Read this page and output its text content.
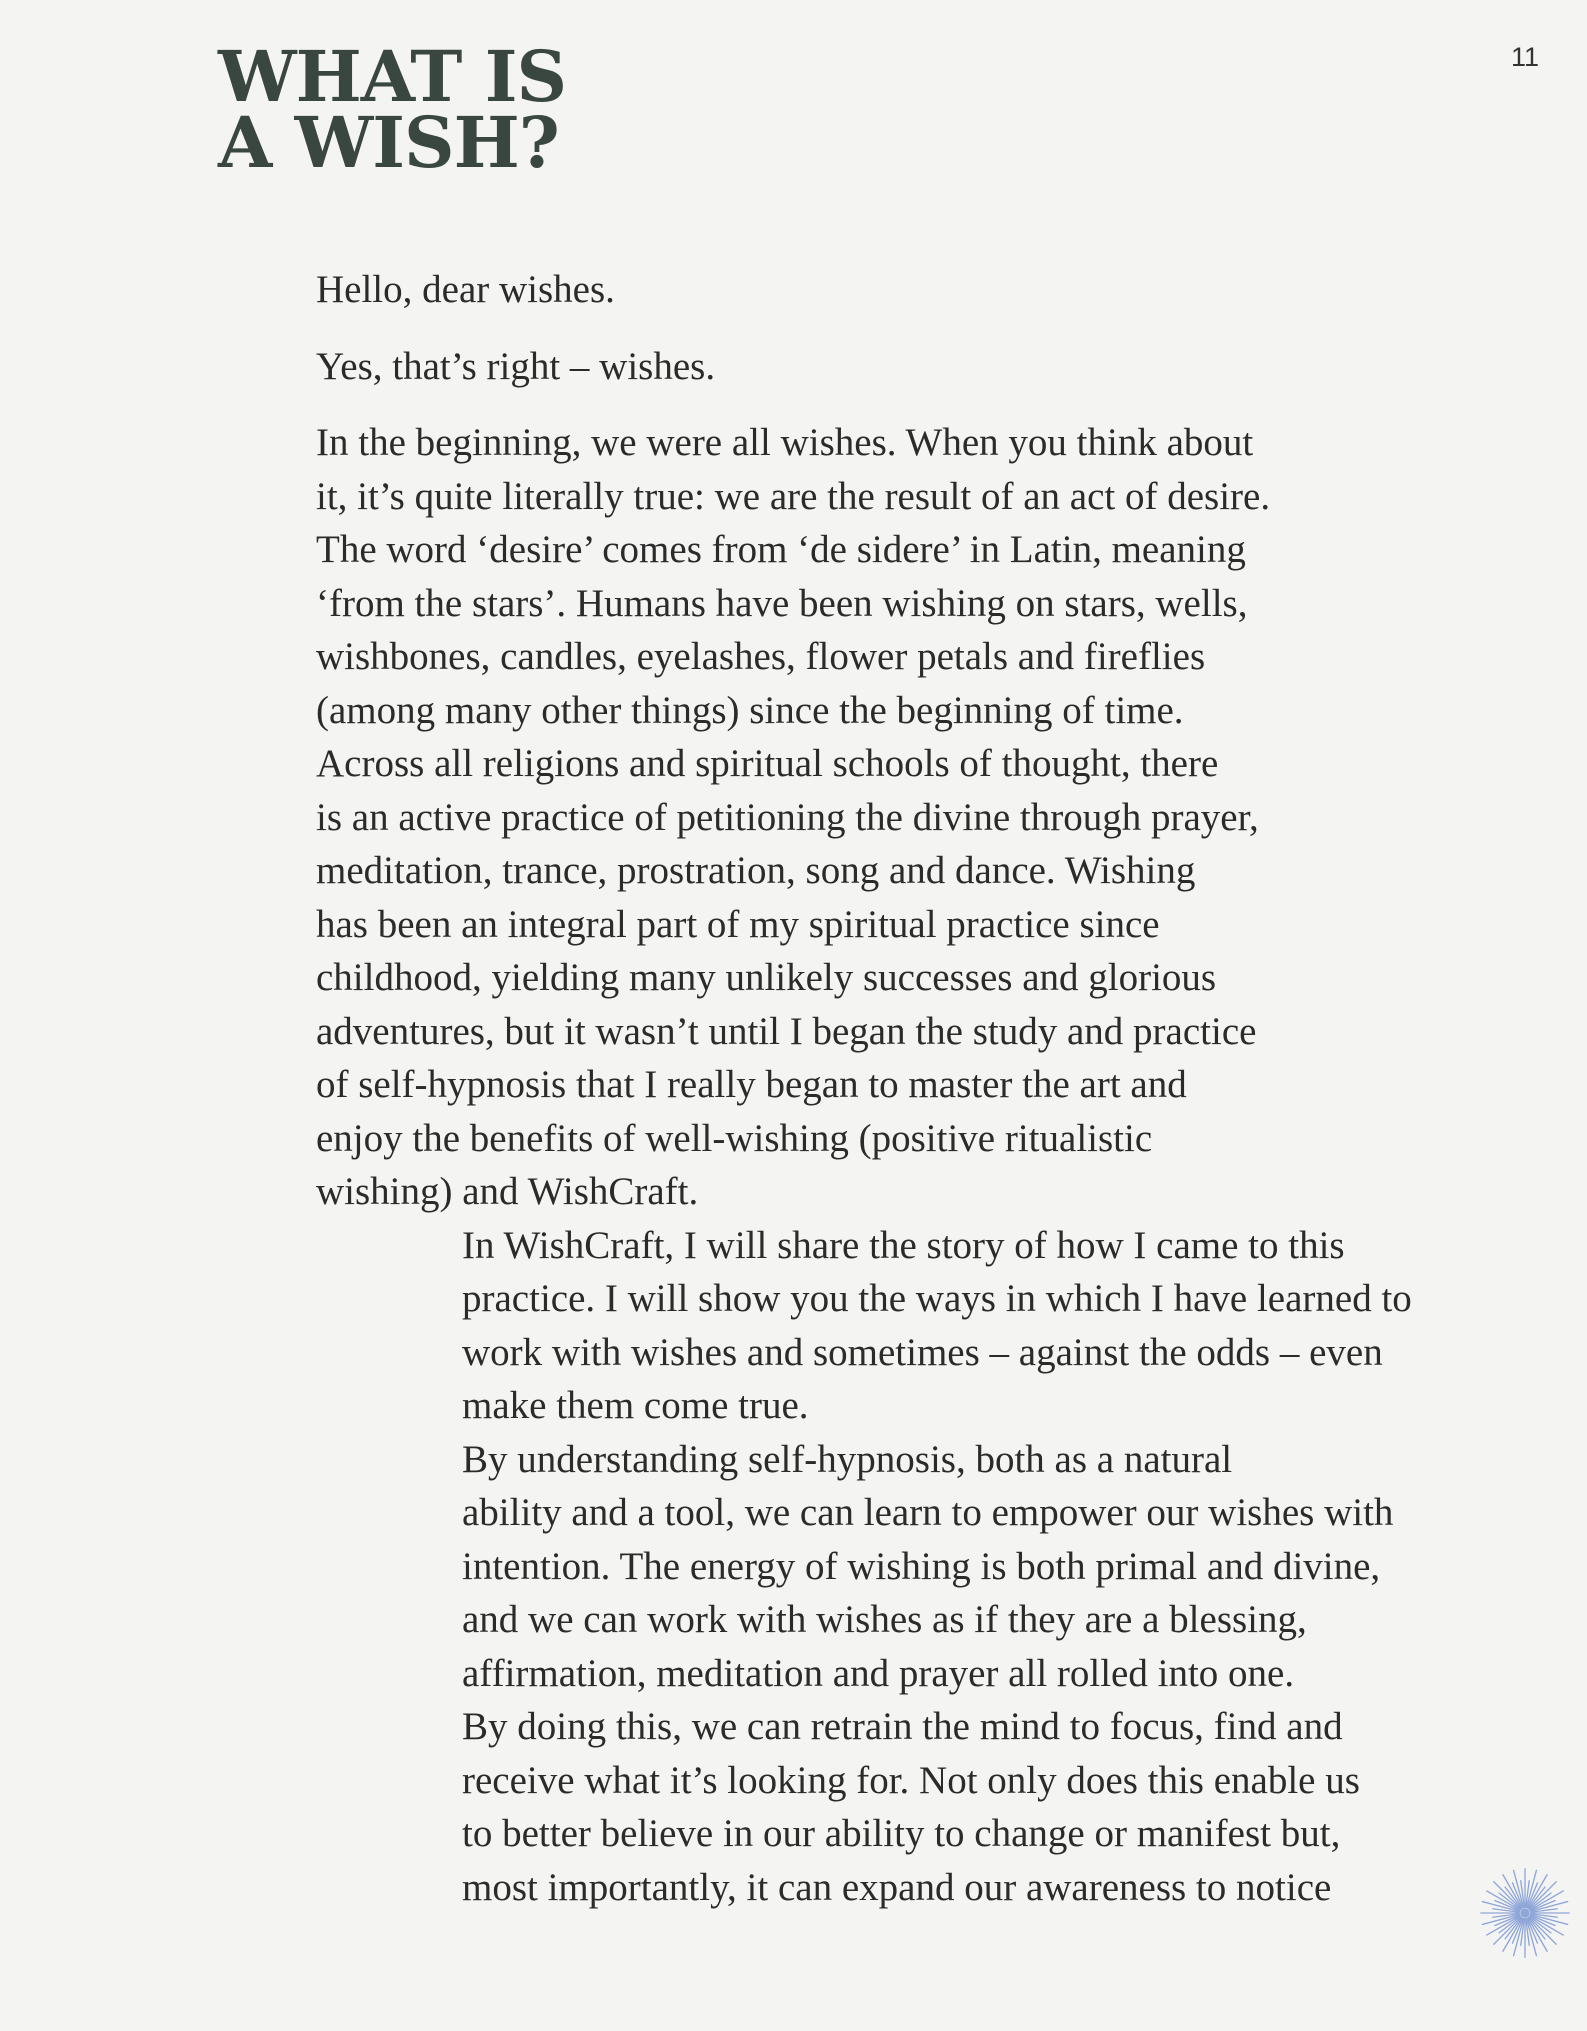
11
WHAT IS
A WISH?

Hello, dear wishes.

Yes, that’s right – wishes.

In the beginning, we were all wishes. When you think about
it, it’s quite literally true: we are the result of an act of desire.
The word ‘desire’ comes from ‘de sidere’ in Latin, meaning
‘from the stars’. Humans have been wishing on stars, wells,
wishbones, candles, eyelashes, flower petals and fireflies
(among many other things) since the beginning of time.
Across all religions and spiritual schools of thought, there
is an active practice of petitioning the divine through prayer,
meditation, trance, prostration, song and dance. Wishing
has been an integral part of my spiritual practice since
childhood, yielding many unlikely successes and glorious
adventures, but it wasn’t until I began the study and practice
of self-hypnosis that I really began to master the art and
enjoy the benefits of well-wishing (positive ritualistic
wishing) and WishCraft.

In WishCraft, I will share the story of how I came to this
practice. I will show you the ways in which I have learned to
work with wishes and sometimes – against the odds – even
make them come true.

By understanding self-hypnosis, both as a natural
ability and a tool, we can learn to empower our wishes with
intention. The energy of wishing is both primal and divine,
and we can work with wishes as if they are a blessing,
affirmation, meditation and prayer all rolled into one.
By doing this, we can retrain the mind to focus, find and
receive what it’s looking for. Not only does this enable us
to better believe in our ability to change or manifest but,
most importantly, it can expand our awareness to notice
